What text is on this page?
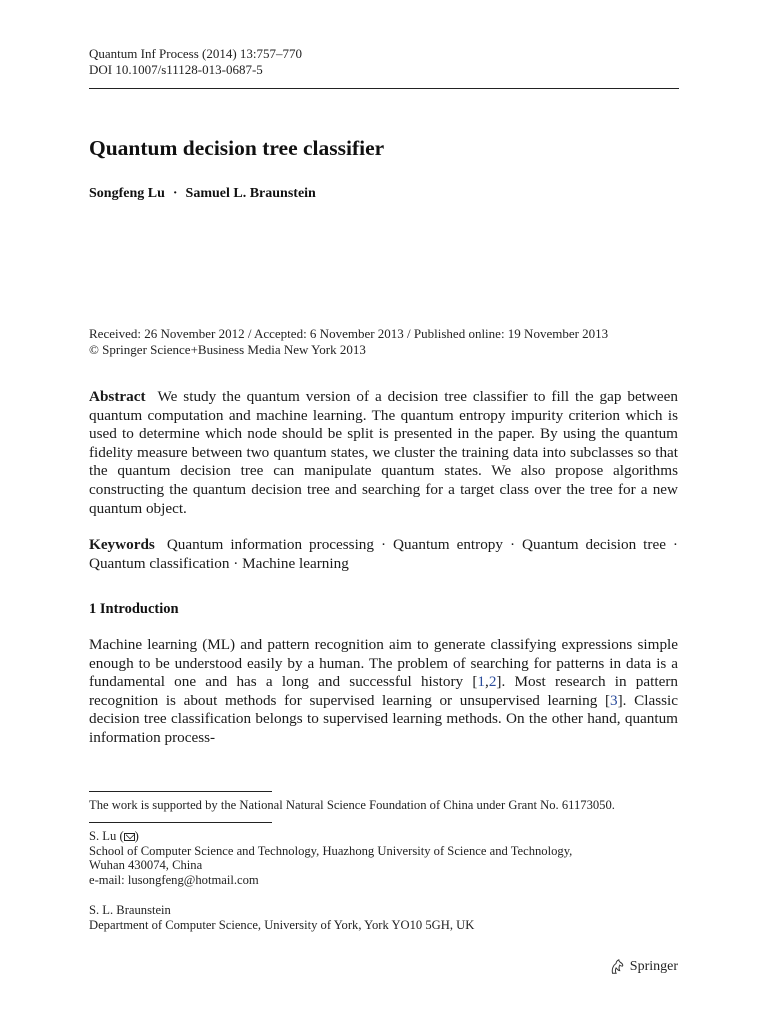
Quantum Inf Process (2014) 13:757–770
DOI 10.1007/s11128-013-0687-5
Quantum decision tree classifier
Songfeng Lu · Samuel L. Braunstein
Received: 26 November 2012 / Accepted: 6 November 2013 / Published online: 19 November 2013
© Springer Science+Business Media New York 2013
Abstract We study the quantum version of a decision tree classifier to fill the gap between quantum computation and machine learning. The quantum entropy impurity criterion which is used to determine which node should be split is presented in the paper. By using the quantum fidelity measure between two quantum states, we cluster the training data into subclasses so that the quantum decision tree can manipulate quantum states. We also propose algorithms constructing the quantum decision tree and searching for a target class over the tree for a new quantum object.
Keywords Quantum information processing · Quantum entropy · Quantum decision tree · Quantum classification · Machine learning
1 Introduction
Machine learning (ML) and pattern recognition aim to generate classifying expressions simple enough to be understood easily by a human. The problem of searching for patterns in data is a fundamental one and has a long and successful history [1,2]. Most research in pattern recognition is about methods for supervised learning or unsupervised learning [3]. Classic decision tree classification belongs to supervised learning methods. On the other hand, quantum information process-
The work is supported by the National Natural Science Foundation of China under Grant No. 61173050.
S. Lu ( )
School of Computer Science and Technology, Huazhong University of Science and Technology,
Wuhan 430074, China
e-mail: lusongfeng@hotmail.com
S. L. Braunstein
Department of Computer Science, University of York, York YO10 5GH, UK
Springer
